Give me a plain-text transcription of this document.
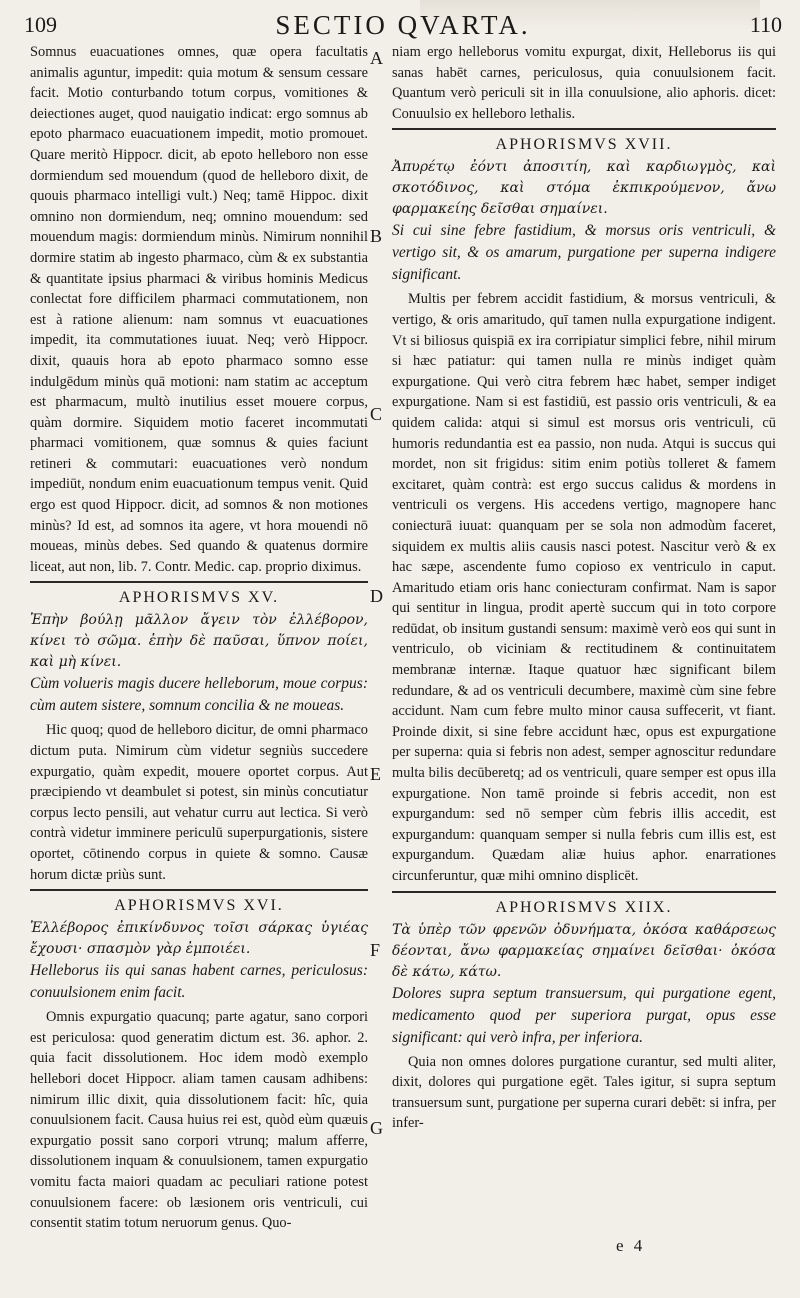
109	SECTIO QVARTA.	110

Somnus euacuationes omnes, quæ opera facultatis animalis aguntur, impedit: quia motum & sensum cessare facit. Motio conturbando totum corpus, vomitiones & deiectiones auget, quod nauigatio indicat: ergo somnus ab epoto pharmaco euacuationem impedit, motio promouet. Quare meritò Hippocr. dicit, ab epoto helleboro non esse dormiendum sed mouendum (quod de helleboro dixit, de quouis pharmaco intelligi vult.) Neq; tamē Hippoc. dixit omnino non dormiendum, neq; omnino mouendum: sed mouendum magis: dormiendum minùs. Nimirum nonnihil dormire statim ab ingesto pharmaco, cùm & ex substantia & quantitate ipsius pharmaci & viribus hominis Medicus conlectat fore difficilem pharmaci commutationem, non est à ratione alienum: nam somnus vt euacuationes impedit, ita commutationes iuuat. Neq; verò Hippocr. dixit, quauis hora ab epoto pharmaco somno esse indulgēdum minùs quā motioni: nam statim ac acceptum est pharmacum, multò inutilius esset mouere corpus, quàm dormire. Siquidem motio faceret incommutati pharmaci vomitionem, quæ somnus & quies faciunt retineri & commutari: euacuationes verò nondum impediūt, nondum enim euacuationum tempus venit. Quid ergo est quod Hippocr. dicit, ad somnos & non motiones minùs? Id est, ad somnos ita agere, vt hora mouendi nō moueas, minùs debes. Sed quando & quatenus dormire liceat, aut non, lib. 7. Contr. Medic. cap. proprio diximus.

APHORISMVS XV.

Ἐπὴν βούλῃ μᾶλλον ἄγειν τὸν ἐλλέβορον, κίνει τὸ σῶμα. ἐπὴν δὲ παῦσαι, ὕπνον ποίει, καὶ μὴ κίνει.

Cùm volueris magis ducere helleborum, moue corpus: cùm autem sistere, somnum concilia & ne moueas.

Hic quoq; quod de helleboro dicitur, de omni pharmaco dictum puta. Nimirum cùm videtur segniùs succedere expurgatio, quàm expedit, mouere oportet corpus. Aut præcipiendo vt deambulet si potest, sin minùs concutiatur corpus lecto pensili, aut vehatur curru aut lectica. Si verò contrà videtur imminere periculū superpurgationis, sistere oportet, cōtinendo corpus in quiete & somno. Causæ horum dictæ priùs sunt.

APHORISMVS XVI.

Ἐλλέβορος ἐπικίνδυνος τοῖσι σάρκας ὑγιέας ἔχουσι· σπασμὸν γὰρ ἐμποιέει.

Helleborus iis qui sanas habent carnes, periculosus: conuulsionem enim facit.

Omnis expurgatio quacunq; parte agatur, sano corpori est periculosa: quod generatim dictum est. 36. aphor. 2. quia facit dissolutionem. Hoc idem modò exemplo hellebori docet Hippocr. aliam tamen causam adhibens: nimirum illic dixit, quia dissolutionem facit: hîc, quia conuulsionem facit. Causa huius rei est, quòd eùm quæuis expurgatio possit sano corpori vtrunq; malum afferre, dissolutionem inquam & conuulsionem, tamen expurgatio vomitu facta maiori quadam ac peculiari ratione potest conuulsionem facere: ob læsionem oris ventriculi, cui consentit statim totum neruorum genus. Quo-

A
B
C
D
E
F
G

niam ergo helleborus vomitu expurgat, dixit, Helleborus iis qui sanas habēt carnes, periculosus, quia conuulsionem facit. Quantum verò periculi sit in illa conuulsione, alio aphoris. dicet: Conuulsio ex helleboro lethalis.

APHORISMVS XVII.

Ἀπυρέτῳ ἐόντι ἀποσιτίη, καὶ καρδιωγμὸς, καὶ σκοτόδινος, καὶ στόμα ἐκπικρούμενον, ἄνω φαρμακείης δεῖσθαι σημαίνει.

Si cui sine febre fastidium, & morsus oris ventriculi, & vertigo sit, & os amarum, purgatione per superna indigere significant.

Multis per febrem accidit fastidium, & morsus ventriculi, & vertigo, & oris amaritudo, quī tamen nulla expurgatione indigent. Vt si biliosus quispiā ex ira corripiatur simplici febre, nihil mirum si hæc patiatur: qui tamen nulla re minùs indiget quàm expurgatione. Qui verò citra febrem hæc habet, semper indiget expurgatione. Nam si est fastidiū, est passio oris ventriculi, & ea quidem calida: atqui si simul est morsus oris ventriculi, cū humoris redundantia est ea passio, non nuda. Atqui is succus qui mordet, non sit frigidus: sitim enim potiùs tolleret & famem excitaret, quàm contrà: est ergo succus calidus & mordens in ventriculi os vergens. His accedens vertigo, magnopere hanc coniecturā iuuat: quanquam per se sola non admodùm faceret, siquidem ex multis aliis causis nasci potest. Nascitur verò & ex hac sæpe, ascendente fumo copioso ex ventriculo in caput. Amaritudo etiam oris hanc coniecturam confirmat. Nam is sapor qui sentitur in lingua, prodit apertè succum qui in toto corpore redūdat, ob insitum gustandi sensum: maximè verò eos qui sunt in ventriculo, ob viciniam & rectitudinem & continuitatem membranæ internæ. Itaque quatuor hæc significant bilem redundare, & ad os ventriculi decumbere, maximè cùm sine febre accidunt. Nam cum febre multo minor causa suffecerit, vt fiant. Proinde dixit, si sine febre accidunt hæc, opus est expurgatione per superna: quia si febris non adest, semper agnoscitur redundare multa bilis decūberetq; ad os ventriculi, quare semper est opus illa expurgatione. Non tamē proinde si febris accedit, non est expurgandum: sed nō semper cùm febris illis accedit, est expurgandum: quanquam semper si nulla febris cum illis est, est expurgandum. Quædam aliæ huius aphor. enarrationes circunferuntur, quæ mihi omnino displicēt.

APHORISMVS XIIX.

Τὰ ὑπὲρ τῶν φρενῶν ὀδυνήματα, ὁκόσα καθάρσεως δέονται, ἄνω φαρμακείας σημαίνει δεῖσθαι· ὁκόσα δὲ κάτω, κάτω.

Dolores supra septum transuersum, qui purgatione egent, medicamento quod per superiora purgat, opus esse significant: qui verò infra, per inferiora.

Quia non omnes dolores purgatione curantur, sed multi aliter, dixit, dolores qui purgatione egēt. Tales igitur, si supra septum transuersum sunt, purgatione per superna curari debēt: si infra, per infer-

e 4
